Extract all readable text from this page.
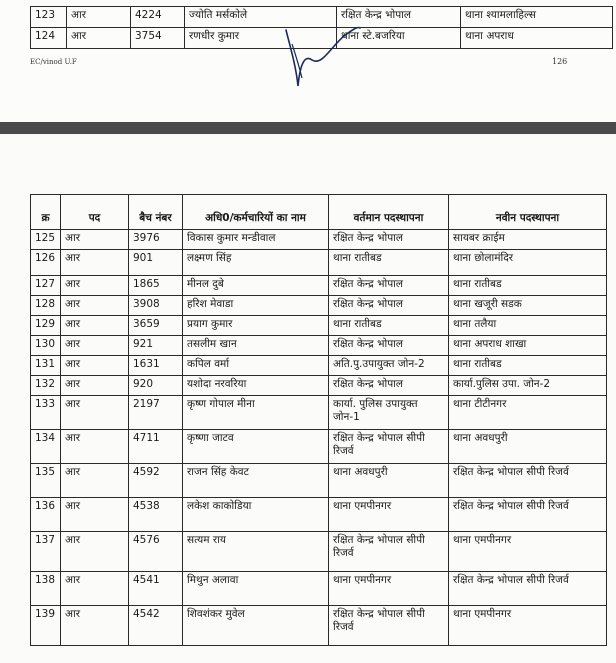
123	आर	4224	ज्योति मर्सकोले	रक्षित केन्द्र भोपाल	थाना श्यामलाहिल्स
124	आर	3754	रणधीर कुमार	थाना स्टे.बजरिया	थाना अपराध
EC/vinod U.F	126
क्र	पद	बैच नंबर	अधि0/कर्मचारियों का नाम	वर्तमान पदस्थापना	नवीन पदस्थापना
125	आर	3976	विकास कुमार मन्डीवाल	रक्षित केन्द्र भोपाल	सायबर क्राईम
126	आर	901	लक्ष्मण सिंह	थाना रातीबड	थाना छोलामंदिर
127	आर	1865	मीनल दुबे	रक्षित केन्द्र भोपाल	थाना रातीबड
128	आर	3908	हरिश मेवाडा	रक्षित केन्द्र भोपाल	थाना खजूरी सडक
129	आर	3659	प्रयाग कुमार	थाना रातीबड	थाना तलैया
130	आर	921	तसलीम खान	रक्षित केन्द्र भोपाल	थाना अपराध शाखा
131	आर	1631	कपिल वर्मा	अति.पु.उपायुक्त जोन-2	थाना रातीबड
132	आर	920	यशोदा नरवरिया	रक्षित केन्द्र भोपाल	कार्या.पुलिस उपा. जोन-2
133	आर	2197	कृष्ण गोपाल मीना	कार्या. पुलिस उपायुक्त जोन-1	थाना टीटीनगर
134	आर	4711	कृष्णा जाटव	रक्षित केन्द्र भोपाल सीपी रिजर्व	थाना अवधपुरी
135	आर	4592	राजन सिंह केवट	थाना अवधपुरी	रक्षित केन्द्र भोपाल सीपी रिजर्व
136	आर	4538	लकेश काकोडिया	थाना एमपीनगर	रक्षित केन्द्र भोपाल सीपी रिजर्व
137	आर	4576	सत्यम राय	रक्षित केन्द्र भोपाल सीपी रिजर्व	थाना एमपीनगर
138	आर	4541	मिथुन अलावा	थाना एमपीनगर	रक्षित केन्द्र भोपाल सीपी रिजर्व
139	आर	4542	शिवशंकर मुवेल	रक्षित केन्द्र भोपाल सीपी रिजर्व	थाना एमपीनगर
